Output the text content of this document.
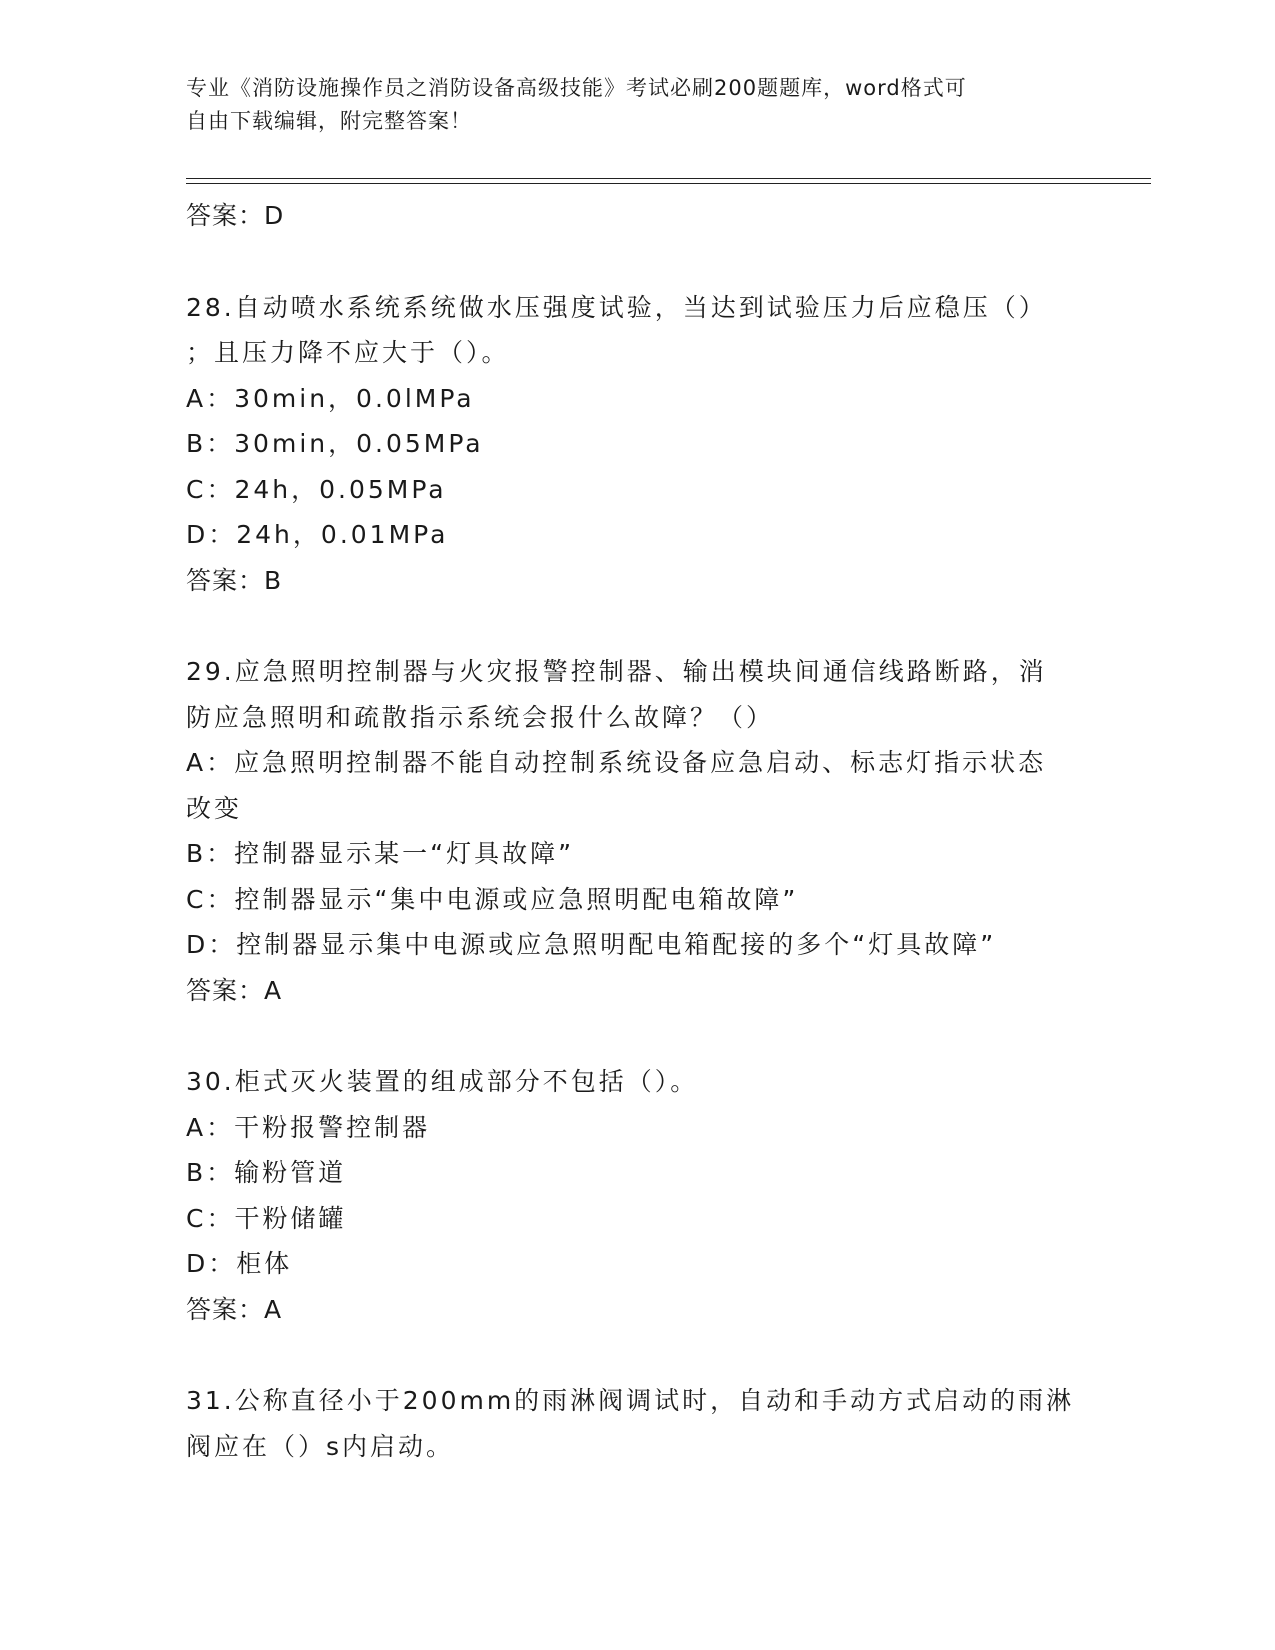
专业《消防设施操作员之消防设备高级技能》考试必刷200题题库，word格式可
自由下载编辑，附完整答案！
答案：D
28.自动喷水系统系统做水压强度试验，当达到试验压力后应稳压（）
；且压力降不应大于（）。
A：30min，0.0lMPa
B：30min，0.05MPa
C：24h，0.05MPa
D：24h，0.01MPa
答案：B
29.应急照明控制器与火灾报警控制器、输出模块间通信线路断路，消
防应急照明和疏散指示系统会报什么故障？（）
A：应急照明控制器不能自动控制系统设备应急启动、标志灯指示状态
改变
B：控制器显示某一“灯具故障”
C：控制器显示“集中电源或应急照明配电箱故障”
D：控制器显示集中电源或应急照明配电箱配接的多个“灯具故障”
答案：A
30.柜式灭火装置的组成部分不包括（）。
A：干粉报警控制器
B：输粉管道
C：干粉储罐
D：柜体
答案：A
31.公称直径小于200mm的雨淋阀调试时，自动和手动方式启动的雨淋
阀应在（）s内启动。
